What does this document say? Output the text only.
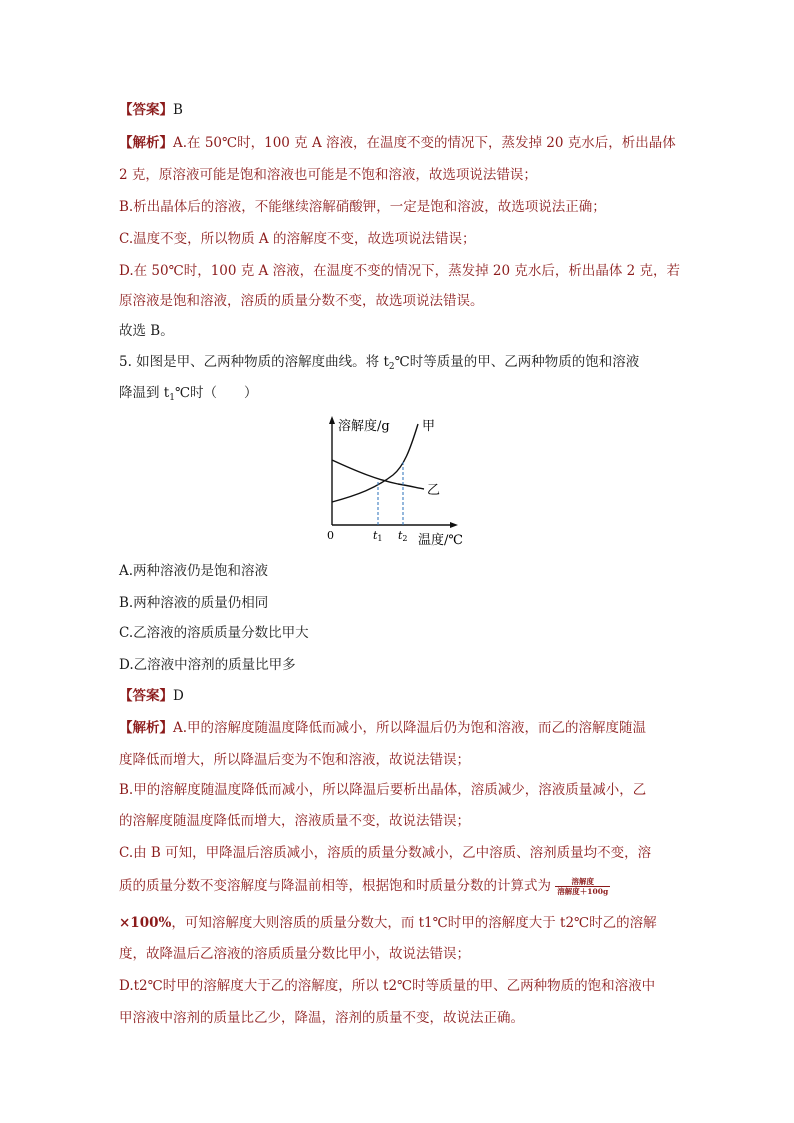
【答案】B
【解析】A.在 50℃时，100 克 A 溶液，在温度不变的情况下，蒸发掉 20 克水后，析出晶体
2 克，原溶液可能是饱和溶液也可能是不饱和溶液，故选项说法错误；
B.析出晶体后的溶液，不能继续溶解硝酸钾，一定是饱和溶波，故选项说法正确；
C.温度不变，所以物质 A 的溶解度不变，故选项说法错误；
D.在 50℃时，100 克 A 溶液，在温度不变的情况下，蒸发掉 20 克水后，析出晶体 2 克，若
原溶液是饱和溶液，溶质的质量分数不变，故选项说法错误。
故选 B。
5. 如图是甲、乙两种物质的溶解度曲线。将 $t_2℃$时等质量的甲、乙两种物质的饱和溶液
降温到 $t_1℃$时（　　）
溶解度/g 甲
乙
0	t1 t2 温度/℃
A.两种溶液仍是饱和溶液
B.两种溶液的质量仍相同
C.乙溶液的溶质质量分数比甲大
D.乙溶液中溶剂的质量比甲多
【答案】D
【解析】A.甲的溶解度随温度降低而减小，所以降温后仍为饱和溶液，而乙的溶解度随温
度降低而增大，所以降温后变为不饱和溶液，故说法错误；
B.甲的溶解度随温度降低而减小，所以降温后要析出晶体，溶质减少，溶液质量减小，乙
的溶解度随温度降低而增大，溶液质量不变，故说法错误；
C.由 B 可知，甲降温后溶质减小，溶质的质量分数减小，乙中溶质、溶剂质量均不变，溶
质的质量分数不变溶解度与降温前相等，根据饱和时质量分数的计算式为 $\frac{\text{溶解度}}{\text{溶解度＋100g}}$
×100%，可知溶解度大则溶质的质量分数大，而 t1℃时甲的溶解度大于 t2℃时乙的溶解
度，故降温后乙溶液的溶质质量分数比甲小，故说法错误；
D.t2℃时甲的溶解度大于乙的溶解度，所以 t2℃时等质量的甲、乙两种物质的饱和溶液中
甲溶液中溶剂的质量比乙少，降温，溶剂的质量不变，故说法正确。
